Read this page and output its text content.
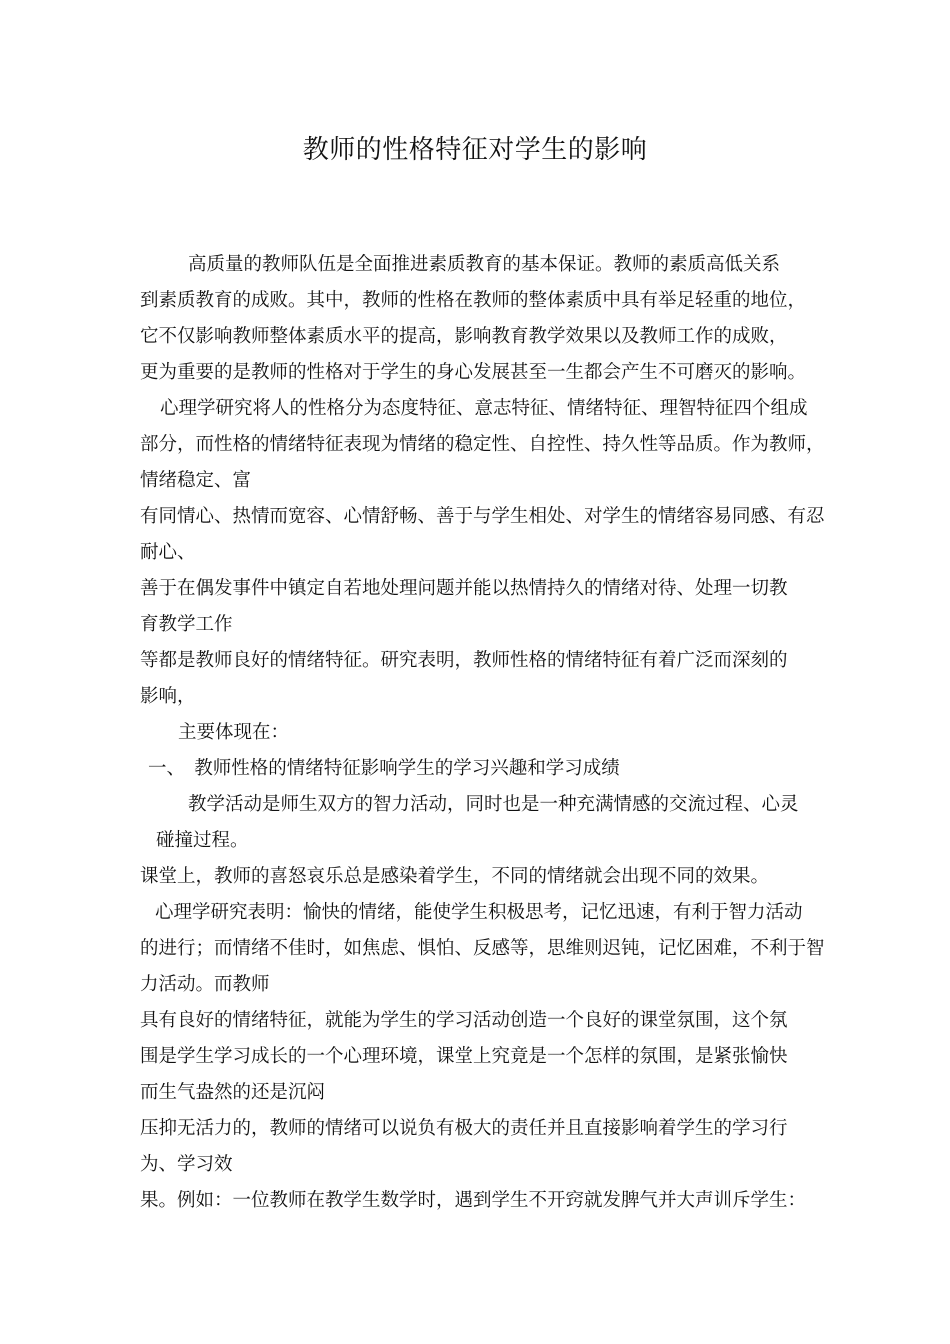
教师的性格特征对学生的影响
高质量的教师队伍是全面推进素质教育的基本保证。教师的素质高低关系
到素质教育的成败。其中，教师的性格在教师的整体素质中具有举足轻重的地位，
它不仅影响教师整体素质水平的提高，影响教育教学效果以及教师工作的成败，
更为重要的是教师的性格对于学生的身心发展甚至一生都会产生不可磨灭的影响。
心理学研究将人的性格分为态度特征、意志特征、情绪特征、理智特征四个组成
部分，而性格的情绪特征表现为情绪的稳定性、自控性、持久性等品质。作为教师，
情绪稳定、富
有同情心、热情而宽容、心情舒畅、善于与学生相处、对学生的情绪容易同感、有忍
耐心、
善于在偶发事件中镇定自若地处理问题并能以热情持久的情绪对待、处理一切教
育教学工作
等都是教师良好的情绪特征。研究表明，教师性格的情绪特征有着广泛而深刻的
影响，
主要体现在：
一、　教师性格的情绪特征影响学生的学习兴趣和学习成绩
教学活动是师生双方的智力活动，同时也是一种充满情感的交流过程、心灵
碰撞过程。
课堂上，教师的喜怒哀乐总是感染着学生，不同的情绪就会出现不同的效果。
心理学研究表明：愉快的情绪，能使学生积极思考，记忆迅速，有利于智力活动
的进行；而情绪不佳时，如焦虑、惧怕、反感等，思维则迟钝，记忆困难，不利于智
力活动。而教师
具有良好的情绪特征，就能为学生的学习活动创造一个良好的课堂氛围，这个氛
围是学生学习成长的一个心理环境，课堂上究竟是一个怎样的氛围，是紧张愉快
而生气盎然的还是沉闷
压抑无活力的，教师的情绪可以说负有极大的责任并且直接影响着学生的学习行
为、学习效
果。例如：一位教师在教学生数学时，遇到学生不开窍就发脾气并大声训斥学生：
